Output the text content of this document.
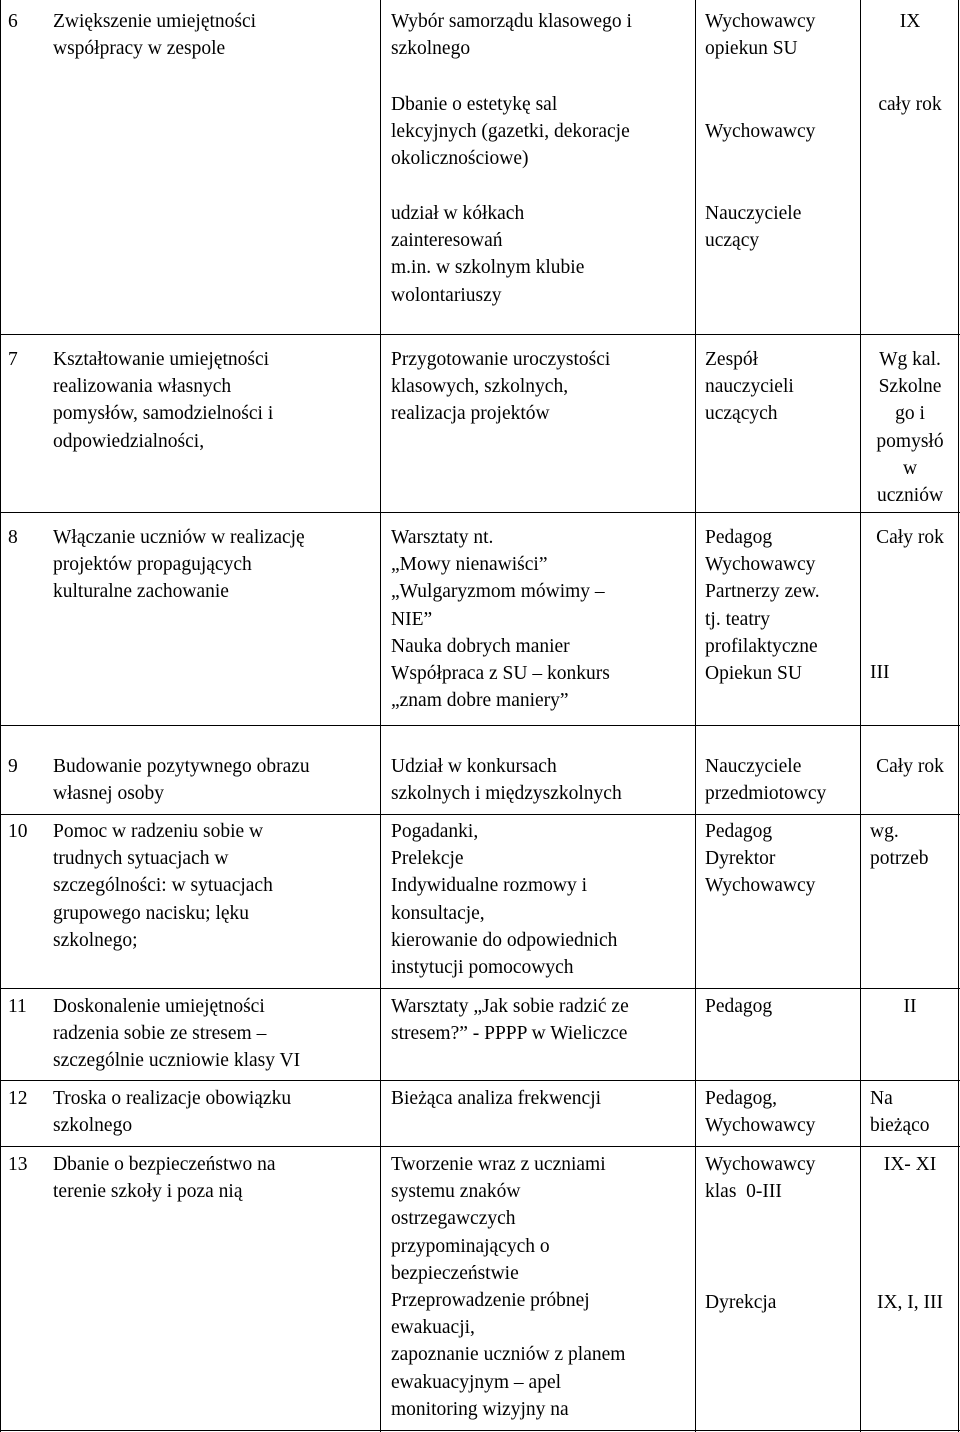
6 Zwiększenie umiejętności
współpracy w zespole
Wybór samorządu klasowego i
szkolnego
Dbanie o estetykę sal
lekcyjnych (gazetki, dekoracje
okolicznościowe)
udział w kółkach
zainteresowań
m.in. w szkolnym klubie
wolontariuszy
Wychowawcy
opiekun SU
Wychowawcy
Nauczyciele
uczący
IX
cały rok
7 Kształtowanie umiejętności
realizowania własnych
pomysłów, samodzielności i
odpowiedzialności,
Przygotowanie uroczystości
klasowych, szkolnych,
realizacja projektów
Zespół
nauczycieli
uczących
Wg kal.
Szkolne
go i
pomysłó
w
uczniów
8 Włączanie uczniów w realizację
projektów propagujących
kulturalne zachowanie
Warsztaty nt.
„Mowy nienawiści”
„Wulgaryzmom mówimy –
NIE”
Nauka dobrych manier
Współpraca z SU – konkurs
„znam dobre maniery”
Pedagog
Wychowawcy
Partnerzy zew.
tj. teatry
profilaktyczne
Opiekun SU
Cały rok
III
9 Budowanie pozytywnego obrazu
własnej osoby
Udział w konkursach
szkolnych i międzyszkolnych
Nauczyciele
przedmiotowcy
Cały rok
10 Pomoc w radzeniu sobie w
trudnych sytuacjach w
szczególności: w sytuacjach
grupowego nacisku; lęku
szkolnego;
Pogadanki,
Prelekcje
Indywidualne rozmowy i
konsultacje,
kierowanie do odpowiednich
instytucji pomocowych
Pedagog
Dyrektor
Wychowawcy
wg.
potrzeb
11 Doskonalenie umiejętności
radzenia sobie ze stresem –
szczególnie uczniowie klasy VI
Warsztaty „Jak sobie radzić ze
stresem?” - PPPP w Wieliczce
Pedagog	II
12 Troska o realizacje obowiązku
szkolnego
Bieżąca analiza frekwencji	Pedagog,
Wychowawcy
Na
bieżąco
13 Dbanie o bezpieczeństwo na
terenie szkoły i poza nią
Tworzenie wraz z uczniami
systemu znaków
ostrzegawczych
przypominających o
bezpieczeństwie
Przeprowadzenie próbnej
ewakuacji,
zapoznanie uczniów z planem
ewakuacyjnym – apel
monitoring wizyjny na
Wychowawcy
klas  0-III
Dyrekcja
IX- XI
IX, I, III
